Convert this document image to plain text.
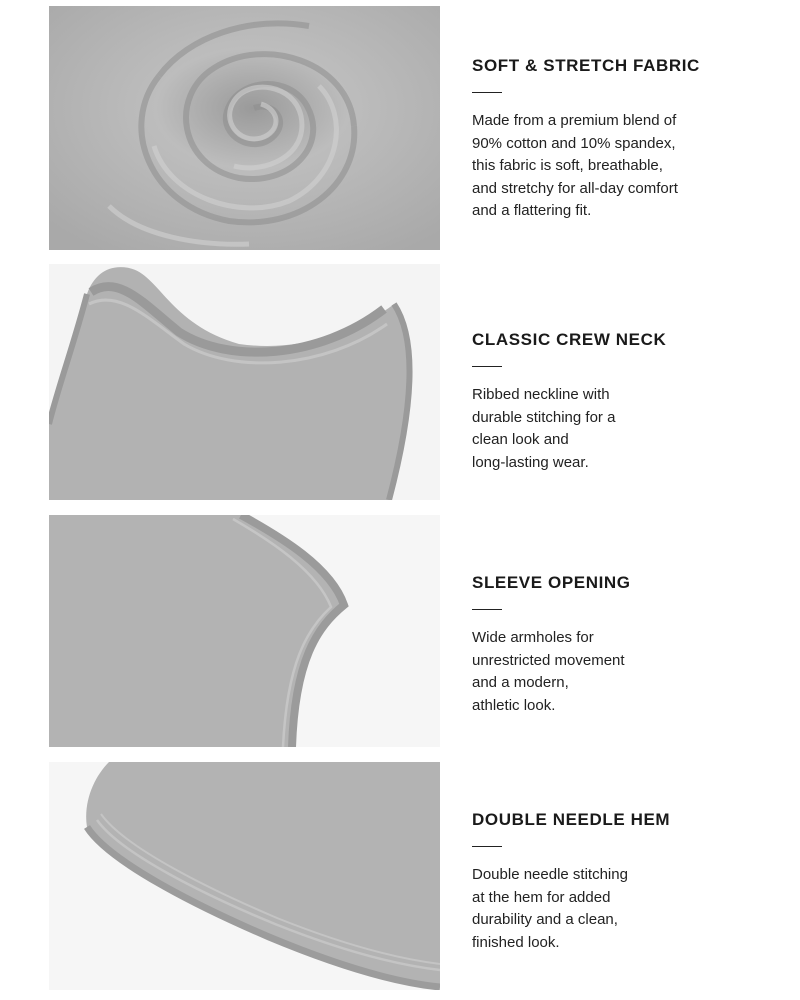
SOFT & STRETCH FABRIC

Made from a premium blend of
90% cotton and 10% spandex,
this fabric is soft, breathable,
and stretchy for all-day comfort
and a flattering fit.

CLASSIC CREW NECK

Ribbed neckline with
durable stitching for a
clean look and
long-lasting wear.

SLEEVE OPENING

Wide armholes for
unrestricted movement
and a modern,
athletic look.

DOUBLE NEEDLE HEM

Double needle stitching
at the hem for added
durability and a clean,
finished look.
